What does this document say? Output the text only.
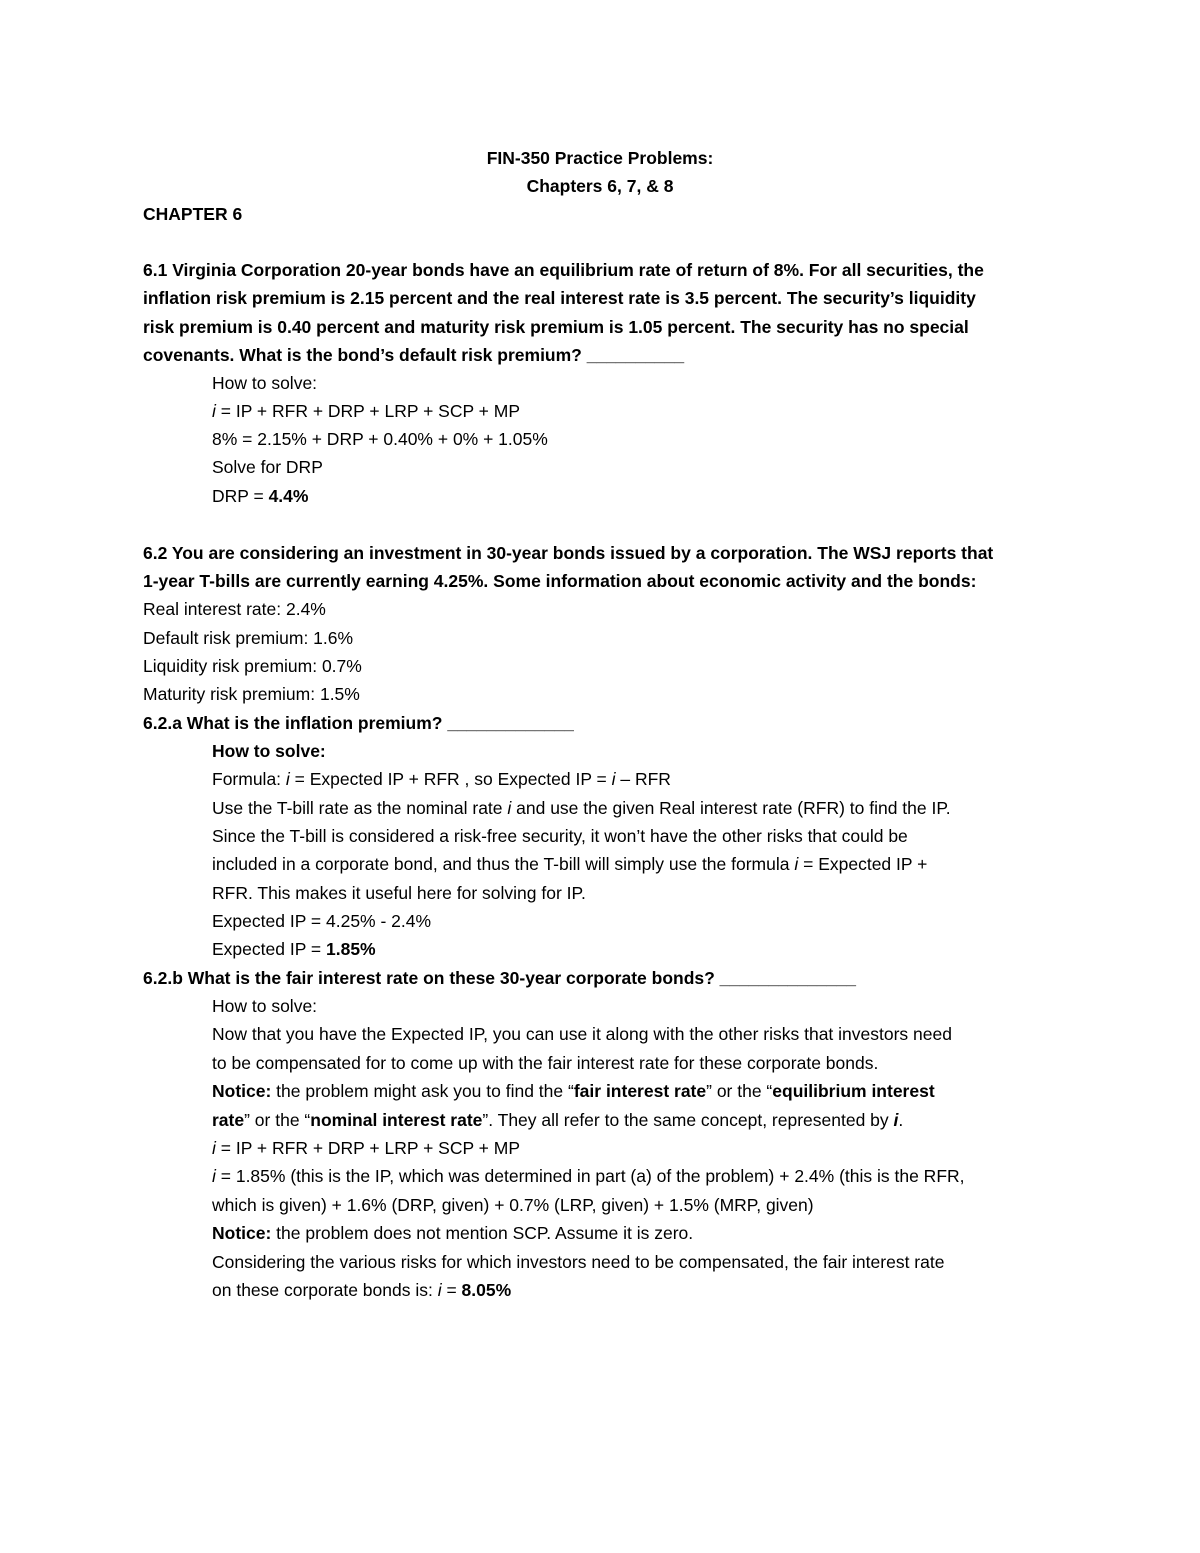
FIN-350 Practice Problems:
Chapters 6, 7, & 8
CHAPTER 6
6.1 Virginia Corporation 20-year bonds have an equilibrium rate of return of 8%. For all securities, the
inflation risk premium is 2.15 percent and the real interest rate is 3.5 percent. The security’s liquidity
risk premium is 0.40 percent and maturity risk premium is 1.05 percent. The security has no special
covenants. What is the bond’s default risk premium? __________
How to solve:
i = IP + RFR + DRP + LRP + SCP + MP
8% = 2.15% + DRP + 0.40% + 0% + 1.05%
Solve for DRP
DRP = 4.4%
6.2 You are considering an investment in 30-year bonds issued by a corporation. The WSJ reports that
1-year T-bills are currently earning 4.25%. Some information about economic activity and the bonds:
Real interest rate: 2.4%
Default risk premium: 1.6%
Liquidity risk premium: 0.7%
Maturity risk premium: 1.5%
6.2.a What is the inflation premium? _____________
How to solve:
Formula: i = Expected IP + RFR , so Expected IP = i – RFR
Use the T-bill rate as the nominal rate i and use the given Real interest rate (RFR) to find the IP.
Since the T-bill is considered a risk-free security, it won’t have the other risks that could be
included in a corporate bond, and thus the T-bill will simply use the formula i = Expected IP +
RFR. This makes it useful here for solving for IP.
Expected IP = 4.25% - 2.4%
Expected IP = 1.85%
6.2.b What is the fair interest rate on these 30-year corporate bonds? ______________
How to solve:
Now that you have the Expected IP, you can use it along with the other risks that investors need
to be compensated for to come up with the fair interest rate for these corporate bonds.
Notice: the problem might ask you to find the “fair interest rate” or the “equilibrium interest
rate” or the “nominal interest rate”. They all refer to the same concept, represented by i.
i = IP + RFR + DRP + LRP + SCP + MP
i = 1.85% (this is the IP, which was determined in part (a) of the problem) + 2.4% (this is the RFR,
which is given) + 1.6% (DRP, given) + 0.7% (LRP, given) + 1.5% (MRP, given)
Notice: the problem does not mention SCP. Assume it is zero.
Considering the various risks for which investors need to be compensated, the fair interest rate
on these corporate bonds is: i = 8.05%
